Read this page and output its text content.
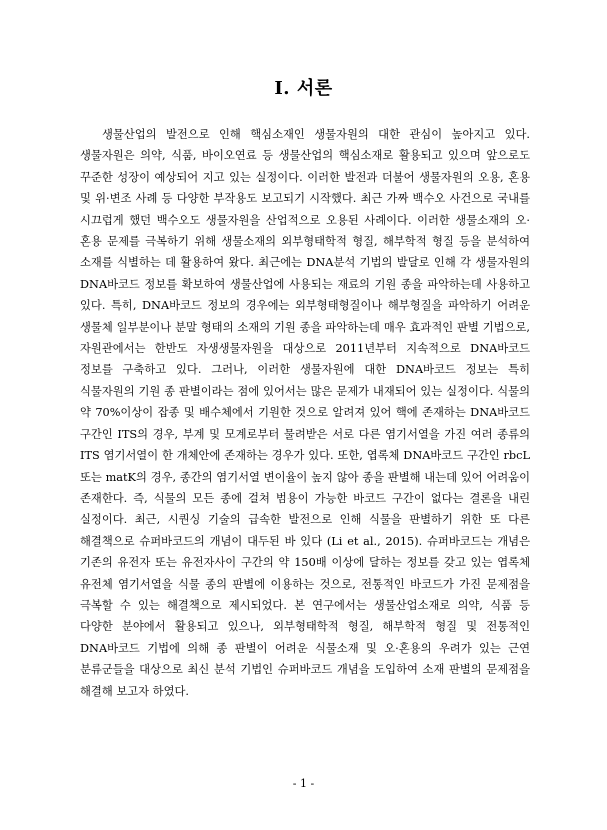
I. 서론

생물산업의 발전으로 인해 핵심소재인 생물자원의 대한 관심이 높아지고 있다. 생물자원은 의약, 식품, 바이오연료 등 생물산업의 핵심소재로 활용되고 있으며 앞으로도 꾸준한 성장이 예상되어 지고 있는 실정이다. 이러한 발전과 더불어 생물자원의 오용, 혼용 및 위·변조 사례 등 다양한 부작용도 보고되기 시작했다. 최근 가짜 백수오 사건으로 국내를 시끄럽게 했던 백수오도 생물자원을 산업적으로 오용된 사례이다. 이러한 생물소재의 오·혼용 문제를 극복하기 위해 생물소재의 외부형태학적 형질, 해부학적 형질 등을 분석하여 소재를 식별하는 데 활용하여 왔다. 최근에는 DNA분석 기법의 발달로 인해 각 생물자원의 DNA바코드 정보를 확보하여 생물산업에 사용되는 재료의 기원 종을 파악하는데 사용하고 있다. 특히, DNA바코드 정보의 경우에는 외부형태형질이나 해부형질을 파악하기 어려운 생물체 일부분이나 분말 형태의 소재의 기원 종을 파악하는데 매우 효과적인 판별 기법으로, 자원관에서는 한반도 자생생물자원을 대상으로 2011년부터 지속적으로 DNA바코드 정보를 구축하고 있다. 그러나, 이러한 생물자원에 대한 DNA바코드 정보는 특히 식물자원의 기원 종 판별이라는 점에 있어서는 많은 문제가 내재되어 있는 실정이다. 식물의 약 70%이상이 잡종 및 배수체에서 기원한 것으로 알려져 있어 핵에 존재하는 DNA바코드 구간인 ITS의 경우, 부계 및 모계로부터 물려받은 서로 다른 염기서열을 가진 여러 종류의 ITS 염기서열이 한 개체안에 존재하는 경우가 있다. 또한, 엽록체 DNA바코드 구간인 rbcL 또는 matK의 경우, 종간의 염기서열 변이율이 높지 않아 종을 판별해 내는데 있어 어려움이 존재한다. 즉, 식물의 모든 종에 걸쳐 범용이 가능한 바코드 구간이 없다는 결론을 내린 실정이다. 최근, 시퀀싱 기술의 급속한 발전으로 인해 식물을 판별하기 위한 또 다른 해결책으로 슈퍼바코드의 개념이 대두된 바 있다 (Li et al., 2015). 슈퍼바코드는 개념은 기존의 유전자 또는 유전자사이 구간의 약 150배 이상에 달하는 정보를 갖고 있는 엽록체 유전체 염기서열을 식물 종의 판별에 이용하는 것으로, 전통적인 바코드가 가진 문제점을 극복할 수 있는 해결책으로 제시되었다. 본 연구에서는 생물산업소재로 의약, 식품 등 다양한 분야에서 활용되고 있으나, 외부형태학적 형질, 해부학적 형질 및 전통적인 DNA바코드 기법에 의해 종 판별이 어려운 식물소재 및 오·혼용의 우려가 있는 근연 분류군들을 대상으로 최신 분석 기법인 슈퍼바코드 개념을 도입하여 소재 판별의 문제점을 해결해 보고자 하였다.

- 1 -
